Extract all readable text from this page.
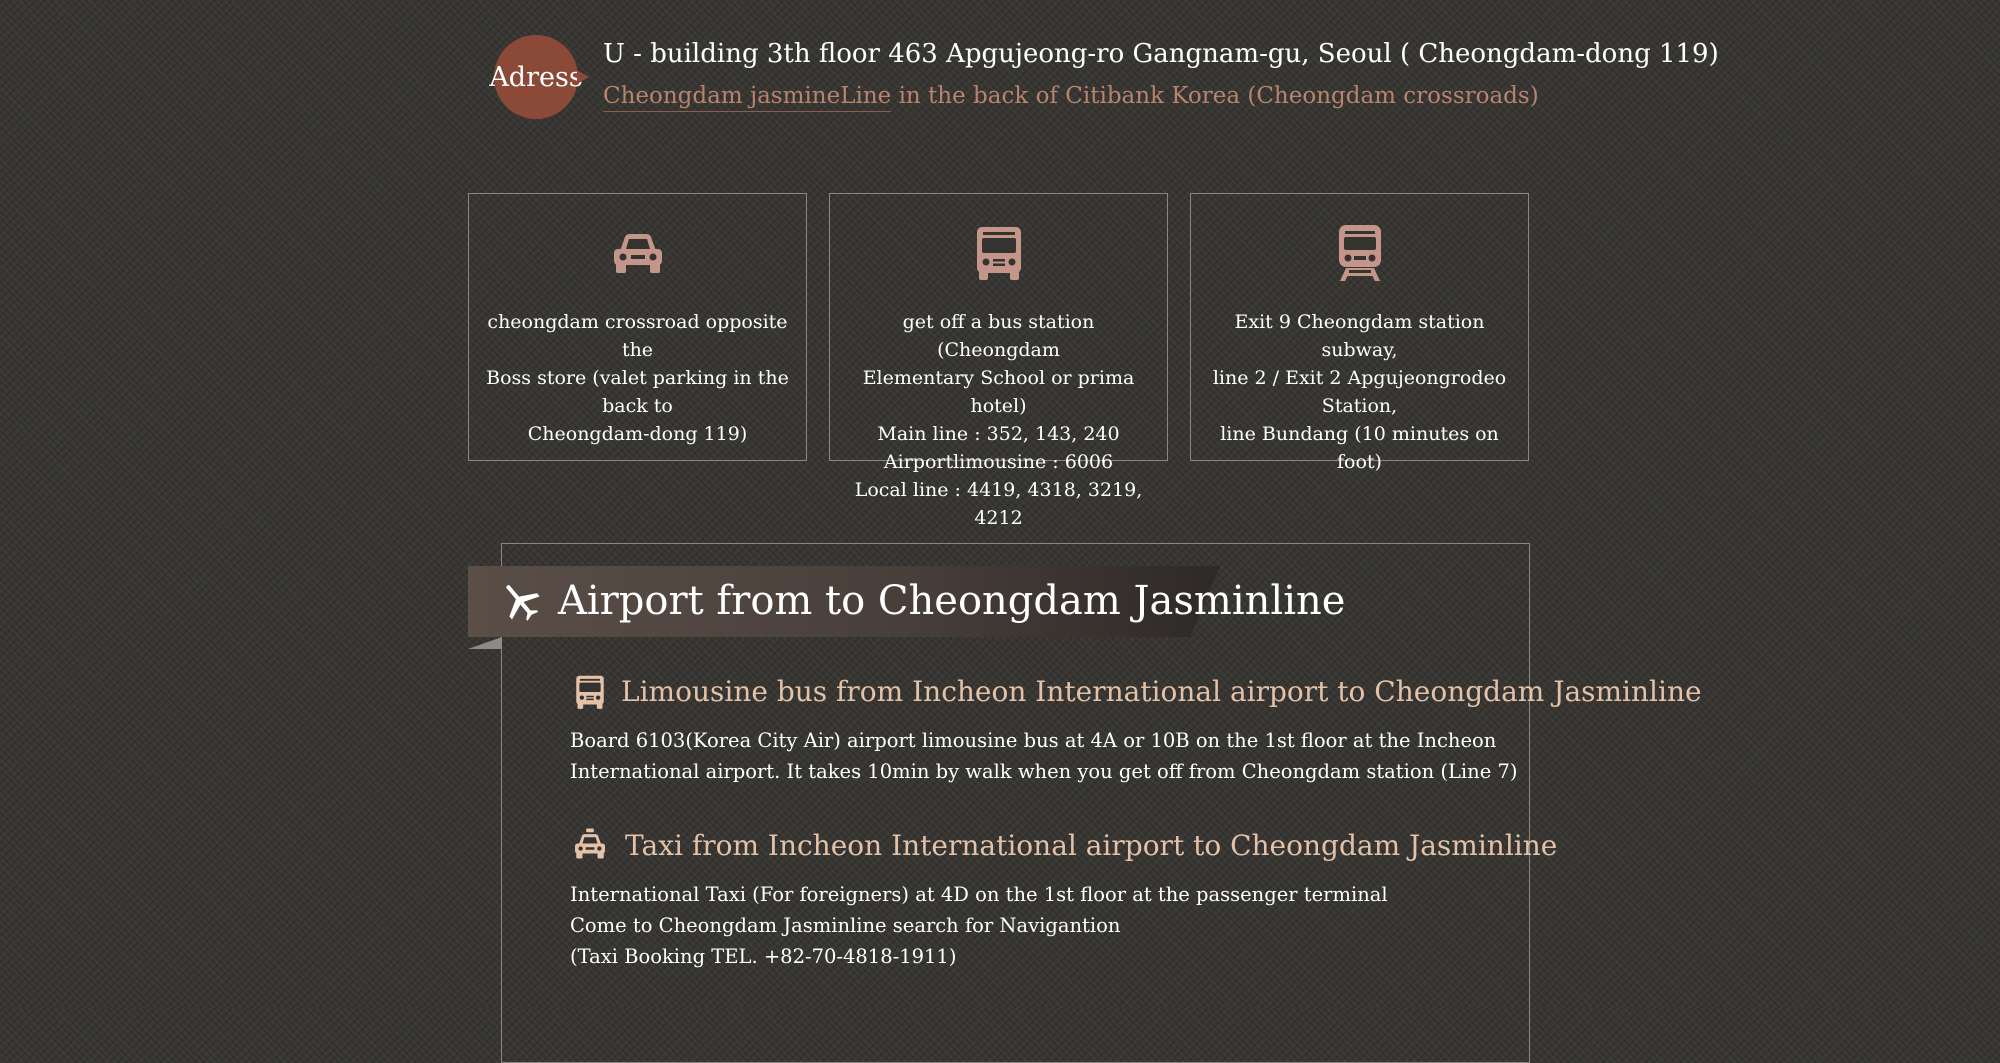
Adress
U - building 3th floor 463 Apgujeong-ro Gangnam-gu, Seoul ( Cheongdam-dong 119)
Cheongdam jasmineLine in the back of Citibank Korea (Cheongdam crossroads)
cheongdam crossroad opposite the
Boss store (valet parking in the back to
Cheongdam-dong 119)
get off a bus station (Cheongdam
Elementary School or prima hotel)
Main line : 352, 143, 240
Airportlimousine : 6006
Local line : 4419, 4318, 3219, 4212
Exit 9 Cheongdam station subway,
line 2 / Exit 2 Apgujeongrodeo Station,
line Bundang (10 minutes on foot)
Airport from to Cheongdam Jasminline
Limousine bus from Incheon International airport to Cheongdam Jasminline
Board 6103(Korea City Air) airport limousine bus at 4A or 10B on the 1st floor at the Incheon
International airport. It takes 10min by walk when you get off from Cheongdam station (Line 7)
Taxi from Incheon International airport to Cheongdam Jasminline
International Taxi (For foreigners) at 4D on the 1st floor at the passenger terminal
Come to Cheongdam Jasminline search for Navigantion
(Taxi Booking TEL. +82-70-4818-1911)
